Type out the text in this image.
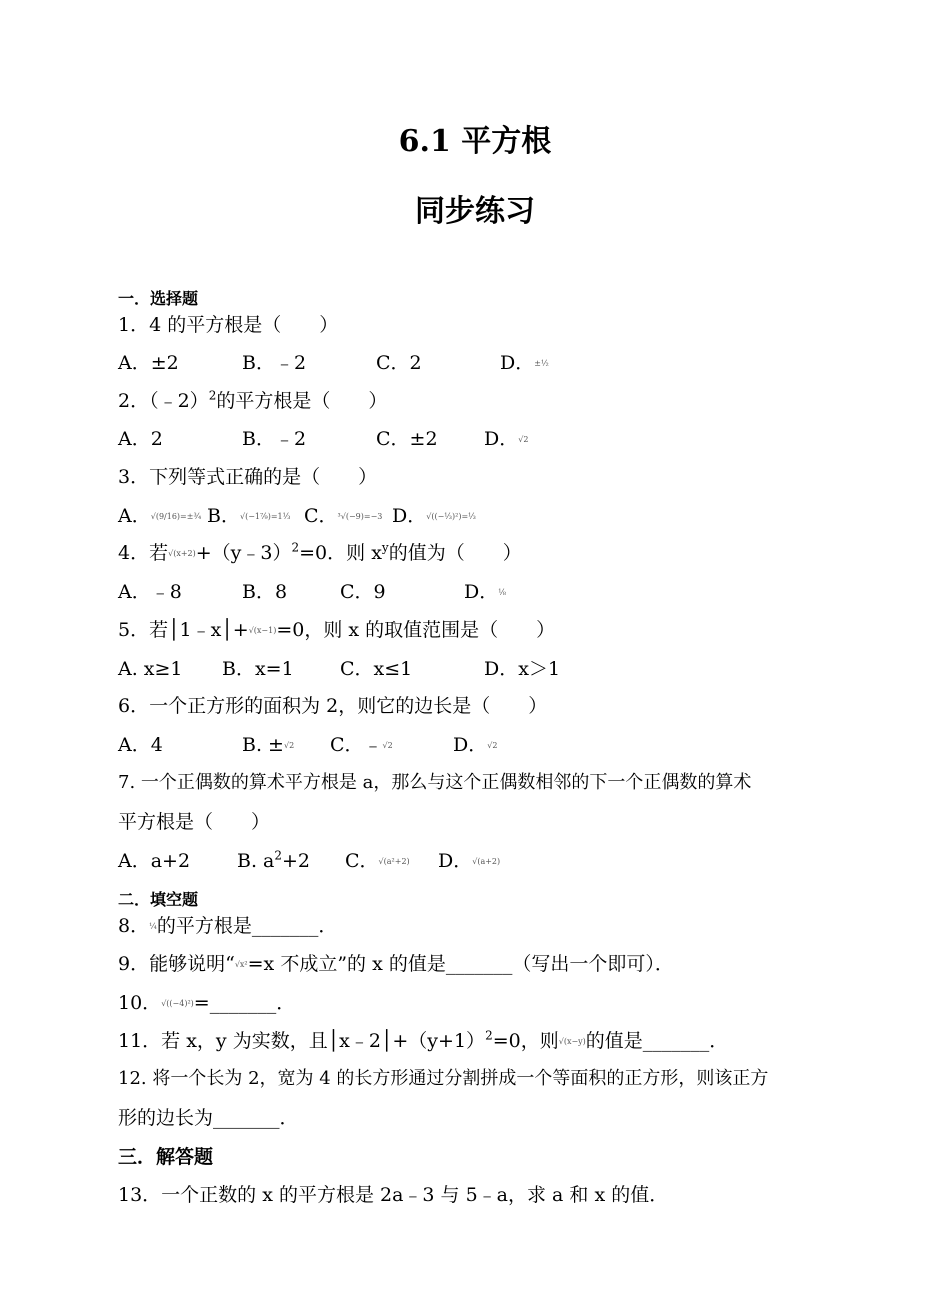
6.1 平方根
同步练习
一．选择题
1．4 的平方根是（　　）
A．±2	B．﹣2	C．2	D．±½
2．（﹣2）$^2$的平方根是（　　）
A．2	B．﹣2	C．±2 D．√2
3．下列等式正确的是（　　）
A．√(9/16)=±¾ B．√(−1⁷⁄₉)=1⅓ C．³√(−9)=−3 D．√((−⅓)²)=⅓
4．若√(x+2)+（y﹣3）$^2$=0．则 $x^y$的值为（　　）
A．﹣8	B．8	C．9	D．⅛
5．若│1﹣x│+√(x−1)=0，则 x 的取值范围是（　　）
A. x≥1 B．x=1 C．x≤1	D．x＞1
6．一个正方形的面积为 2，则它的边长是（　　）
A．4	B. ±√2 C．﹣√2	D．√2
7. 一个正偶数的算术平方根是 a，那么与这个正偶数相邻的下一个正偶数的算术
平方根是（　　）
A．a+2 B. $a^2+2$ C．√(a²+2) D．√(a+2)
二．填空题
8．¼的平方根是_______．
9．能够说明“√x²=x 不成立”的 x 的值是_______（写出一个即可）．
10．√((−4)²)=_______．
11．若 x，y 为实数，且$│x﹣2│+(y+1)^2=0$，则√(x−y)的值是_______．
12. 将一个长为 2，宽为 4 的长方形通过分割拼成一个等面积的正方形，则该正方
形的边长为_______．
三．解答题
13．一个正数的 x 的平方根是 2a﹣3 与 5﹣a，求 a 和 x 的值．
